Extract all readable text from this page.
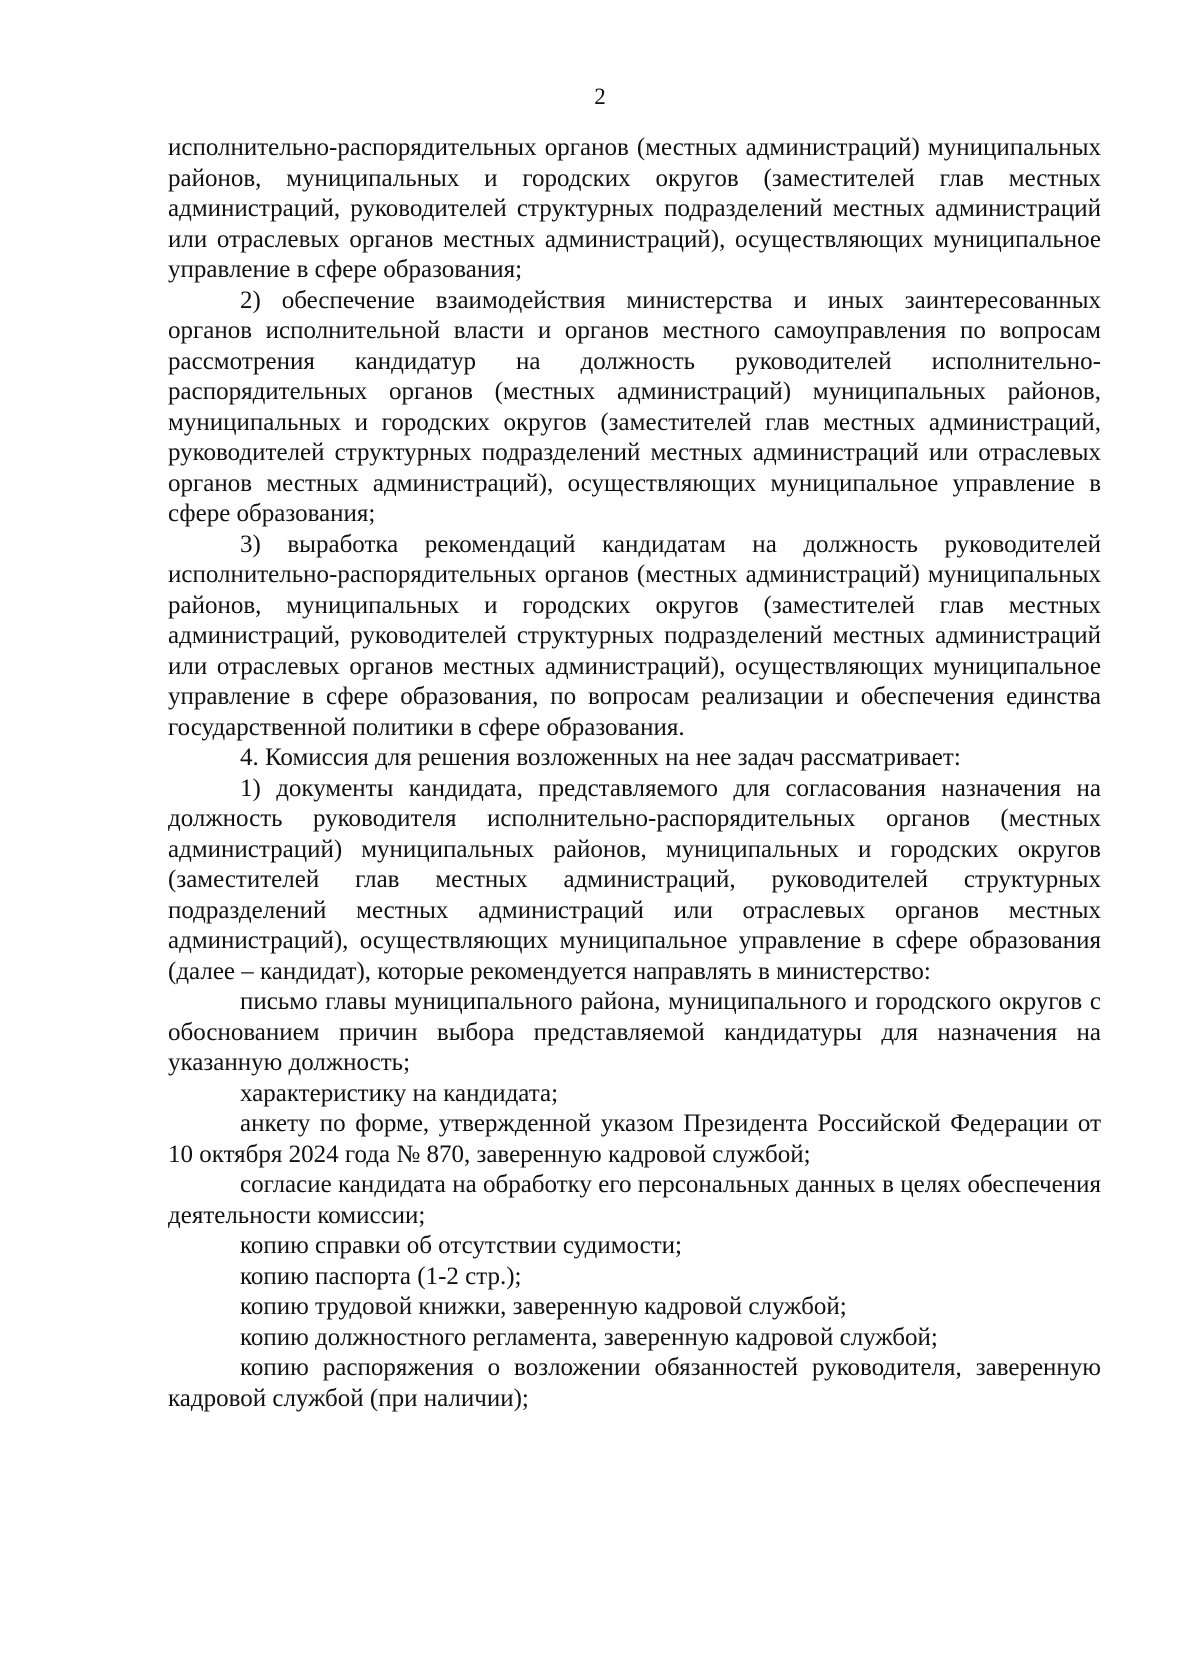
2

исполнительно-распорядительных органов (местных администраций) муниципальных районов, муниципальных и городских округов (заместителей глав местных администраций, руководителей структурных подразделений местных администраций или отраслевых органов местных администраций), осуществляющих муниципальное управление в сфере образования;

2) обеспечение взаимодействия министерства и иных заинтересованных органов исполнительной власти и органов местного самоуправления по вопросам рассмотрения кандидатур на должность руководителей исполнительно-распорядительных органов (местных администраций) муниципальных районов, муниципальных и городских округов (заместителей глав местных администраций, руководителей структурных подразделений местных администраций или отраслевых органов местных администраций), осуществляющих муниципальное управление в сфере образования;

3) выработка рекомендаций кандидатам на должность руководителей исполнительно-распорядительных органов (местных администраций) муниципальных районов, муниципальных и городских округов (заместителей глав местных администраций, руководителей структурных подразделений местных администраций или отраслевых органов местных администраций), осуществляющих муниципальное управление в сфере образования, по вопросам реализации и обеспечения единства государственной политики в сфере образования.

4. Комиссия для решения возложенных на нее задач рассматривает:

1) документы кандидата, представляемого для согласования назначения на должность руководителя исполнительно-распорядительных органов (местных администраций) муниципальных районов, муниципальных и городских округов (заместителей глав местных администраций, руководителей структурных подразделений местных администраций или отраслевых органов местных администраций), осуществляющих муниципальное управление в сфере образования (далее – кандидат), которые рекомендуется направлять в министерство:

письмо главы муниципального района, муниципального и городского округов с обоснованием причин выбора представляемой кандидатуры для назначения на указанную должность;

характеристику на кандидата;

анкету по форме, утвержденной указом Президента Российской Федерации от 10 октября 2024 года № 870, заверенную кадровой службой;

согласие кандидата на обработку его персональных данных в целях обеспечения деятельности комиссии;

копию справки об отсутствии судимости;

копию паспорта (1-2 стр.);

копию трудовой книжки, заверенную кадровой службой;

копию должностного регламента, заверенную кадровой службой;

копию распоряжения о возложении обязанностей руководителя, заверенную кадровой службой (при наличии);
